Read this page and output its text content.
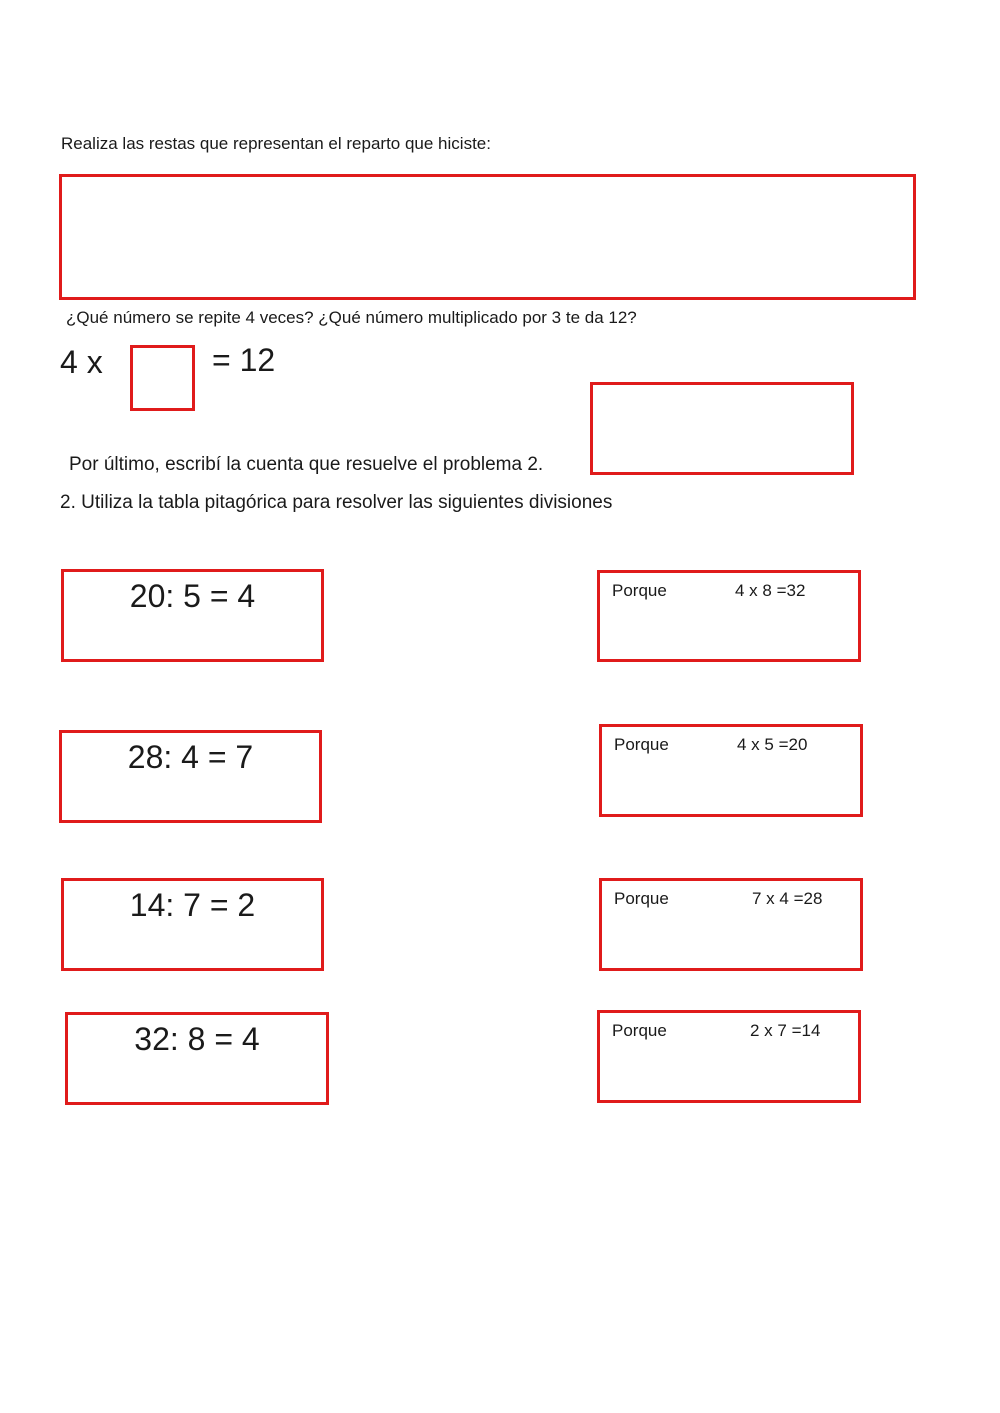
Realiza las restas que representan el reparto que hiciste:
¿Qué número se repite 4 veces? ¿Qué número multiplicado por 3 te da 12?
4 x	= 12
Por último, escribí la cuenta que resuelve el problema 2.
2. Utiliza la tabla pitagórica para resolver las siguientes divisiones
20: 5 = 4	Porque	4 x 8 =32
28: 4 = 7	Porque	4 x 5 =20
14: 7 = 2	Porque	7 x 4 =28
32: 8 = 4	Porque	2 x 7 =14
